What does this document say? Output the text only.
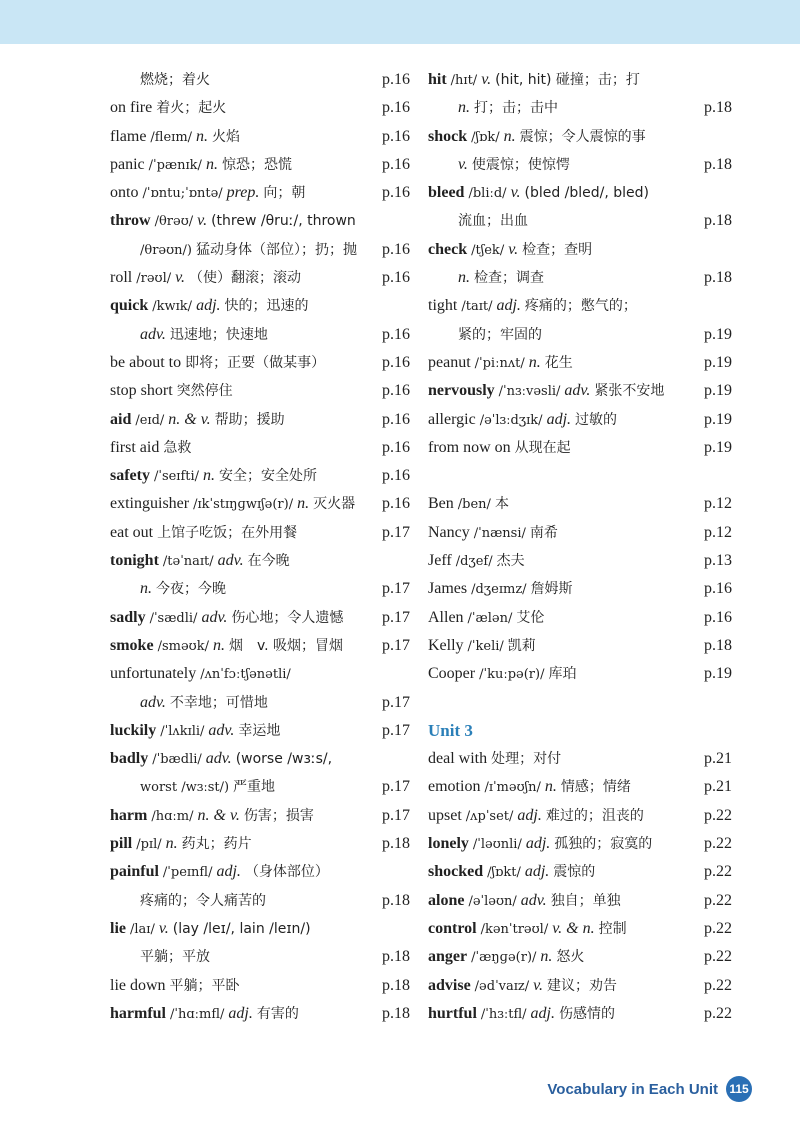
燃烧；着火	p.16
on fire 着火；起火	p.16
flame /fleɪm/ n. 火焰	p.16
panic /ˈpænɪk/ n. 惊恐；恐慌	p.16
onto /ˈɒntu;ˈɒntə/ prep. 向；朝	p.16
throw /θrəʊ/ v. (threw /θruː/, thrown
/θrəʊn/) 猛动身体（部位）；扔；抛 p.16
roll /rəʊl/ v. （使）翻滚；滚动	p.16
quick /kwɪk/ adj. 快的；迅速的
adv. 迅速地；快速地	p.16
be about to 即将；正要（做某事）	p.16
stop short 突然停住	p.16
aid /eɪd/ n. & v. 帮助；援助	p.16
first aid 急救	p.16
safety /ˈseɪfti/ n. 安全；安全处所	p.16
extinguisher /ɪkˈstɪŋɡwɪʃə(r)/ n. 灭火器 p.16
eat out 上馆子吃饭；在外用餐	p.17
tonight /təˈnaɪt/ adv. 在今晚
n. 今夜；今晚	p.17
sadly /ˈsædli/ adv. 伤心地；令人遗憾 p.17
smoke /sməʊk/ n. 烟　v. 吸烟；冒烟 p.17
unfortunately /ʌnˈfɔːtʃənətli/
adv. 不幸地；可惜地	p.17
luckily /ˈlʌkɪli/ adv. 幸运地	p.17
badly /ˈbædli/ adv. (worse /wɜːs/,
worst /wɜːst/) 严重地	p.17
harm /hɑːm/ n. & v. 伤害；损害	p.17
pill /pɪl/ n. 药丸；药片	p.18
painful /ˈpeɪnfl/ adj. （身体部位）
疼痛的；令人痛苦的	p.18
lie /laɪ/ v. (lay /leɪ/, lain /leɪn/)
平躺；平放	p.18
lie down 平躺；平卧	p.18
harmful /ˈhɑːmfl/ adj. 有害的	p.18
hit /hɪt/ v. (hit, hit) 碰撞；击；打
n. 打；击；击中	p.18
shock /ʃɒk/ n. 震惊；令人震惊的事
v. 使震惊；使惊愕	p.18
bleed /bliːd/ v. (bled /bled/, bled)
流血；出血	p.18
check /tʃek/ v. 检查；查明
n. 检查；调查	p.18
tight /taɪt/ adj. 疼痛的；憋气的；
紧的；牢固的	p.19
peanut /ˈpiːnʌt/ n. 花生	p.19
nervously /ˈnɜːvəsli/ adv. 紧张不安地 p.19
allergic /əˈlɜːdʒɪk/ adj. 过敏的	p.19
from now on 从现在起	p.19
Ben /ben/ 本	p.12
Nancy /ˈnænsi/ 南希	p.12
Jeff /dʒef/ 杰夫	p.13
James /dʒeɪmz/ 詹姆斯	p.16
Allen /ˈælən/ 艾伦	p.16
Kelly /ˈkeli/ 凯莉	p.18
Cooper /ˈkuːpə(r)/ 库珀	p.19
Unit 3
deal with 处理；对付	p.21
emotion /ɪˈməʊʃn/ n. 情感；情绪	p.21
upset /ʌpˈset/ adj. 难过的；沮丧的	p.22
lonely /ˈləʊnli/ adj. 孤独的；寂寞的	p.22
shocked /ʃɒkt/ adj. 震惊的	p.22
alone /əˈləʊn/ adv. 独自；单独	p.22
control /kənˈtrəʊl/ v. & n. 控制	p.22
anger /ˈæŋɡə(r)/ n. 怒火	p.22
advise /ədˈvaɪz/ v. 建议；劝告	p.22
hurtful /ˈhɜːtfl/ adj. 伤感情的	p.22
Vocabulary in Each Unit 115
